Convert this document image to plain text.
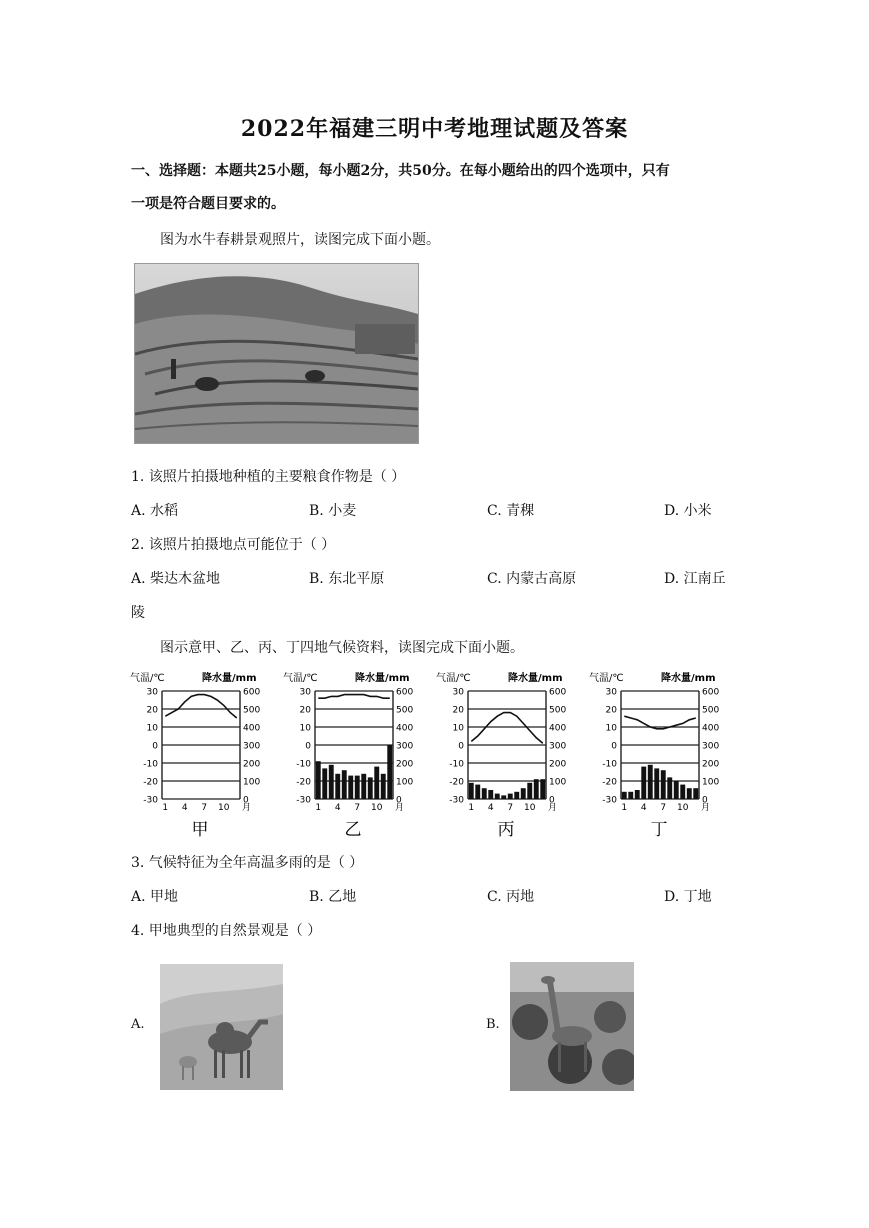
2022年福建三明中考地理试题及答案
一、选择题：本题共25小题，每小题2分，共50分。在每小题给出的四个选项中，只有
一项是符合题目要求的。
图为水牛春耕景观照片，读图完成下面小题。
1. 该照片拍摄地种植的主要粮食作物是（ ）
A. 水稻	B. 小麦	C. 青稞	D. 小米
2. 该照片拍摄地点可能位于（ ）
A. 柴达木盆地	B. 东北平原	C. 内蒙古高原	D. 江南丘
陵
图示意甲、乙、丙、丁四地气候资料，读图完成下面小题。
气温/℃	降水量/mm
30	600
20	500
10	400
0	300
-10	200
-20	100
-30	0
1 4 7 10 月
甲
气温/℃	降水量/mm
30	600
20	500
10	400
0	300
-10	200
-20	100
-30	0
1 4 7 10 月
乙
气温/℃	降水量/mm
30	600
20	500
10	400
0	300
-10	200
-20	100
-30	0
1 4 7 10 月
丙
气温/℃	降水量/mm
30	600
20	500
10	400
0	300
-10	200
-20	100
-30	0
1 4 7 10 月
丁
3. 气候特征为全年高温多雨的是（ ）
A. 甲地	B. 乙地	C. 丙地	D. 丁地
4. 甲地典型的自然景观是（ ）
A.	B.
